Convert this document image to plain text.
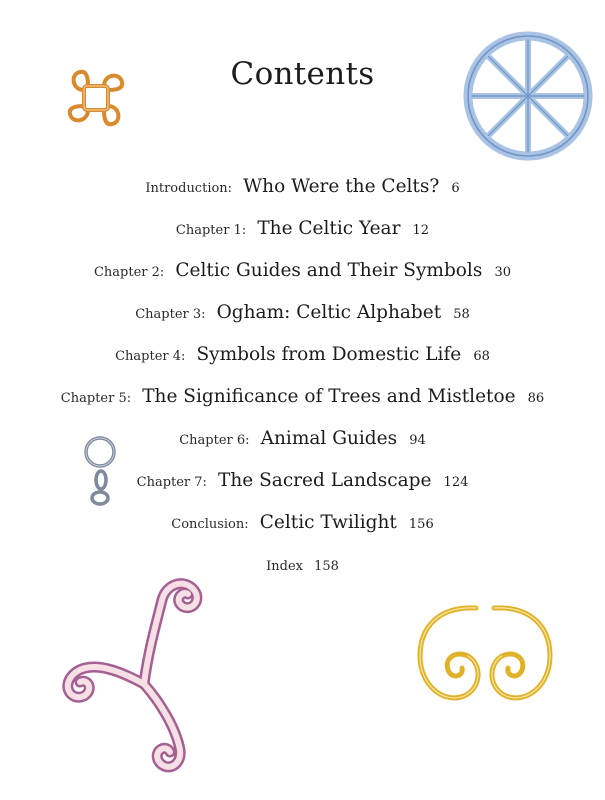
Contents
Introduction: Who Were the Celts? 6
Chapter 1: The Celtic Year 12
Chapter 2: Celtic Guides and Their Symbols 30
Chapter 3: Ogham: Celtic Alphabet 58
Chapter 4: Symbols from Domestic Life 68
Chapter 5: The Significance of Trees and Mistletoe 86
Chapter 6: Animal Guides 94
Chapter 7: The Sacred Landscape 124
Conclusion: Celtic Twilight 156
Index 158
